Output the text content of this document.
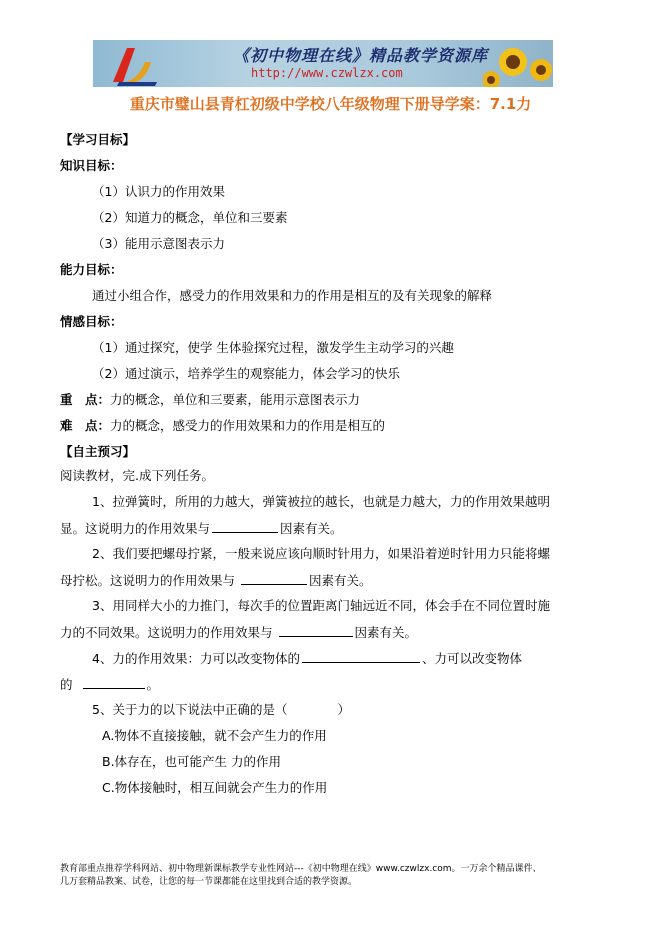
《初中物理在线》精品教学资源库
http://www.czwlzx.com
重庆市璧山县青杠初级中学校八年级物理下册导学案：7.1力
【学习目标】
知识目标：
（1）认识力的作用效果
（2）知道力的概念，单位和三要素
（3）能用示意图表示力
能力目标：
通过小组合作，感受力的作用效果和力的作用是相互的及有关现象的解释
情感目标：
（1）通过探究，使学 生体验探究过程，激发学生主动学习的兴趣
（2）通过演示，培养学生的观察能力，体会学习的快乐
重　点：力的概念，单位和三要素，能用示意图表示力
难　点：力的概念，感受力的作用效果和力的作用是相互的
【自主预习】
阅读教材，完.成下列任务。
1、拉弹簧时，所用的力越大，弹簧被拉的越长，也就是力越大，力的作用效果越明
显。这说明力的作用效果与	因素有关。
2、我们要把螺母拧紧，一般来说应该向顺时针用力，如果沿着逆时针用力只能将螺
母拧松。这说明力的作用效果与	因素有关。
3、用同样大小的力推门，每次手的位置距离门轴远近不同，体会手在不同位置时施
力的不同效果。这说明力的作用效果与	因素有关。
4、力的作用效果：力可以改变物体的	、力可以改变物体
的	。
5、关于力的以下说法中正确的是（　　　　）
A.物体不直接接触，就不会产生力的作用
B.体存在，也可能产生 力的作用
C.物体接触时，相互间就会产生力的作用
教育部重点推荐学科网站、初中物理新课标教学专业性网站---《初中物理在线》www.czwlzx.com。一万余个精品课件、
几万套精品教案、试卷，让您的每一节课都能在这里找到合适的教学资源。
